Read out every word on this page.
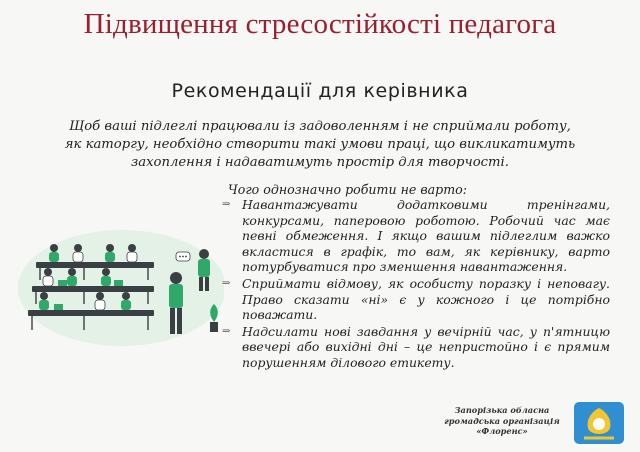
Підвищення стресостійкості педагога
Рекомендації для керівника
Щоб ваші підлеглі працювали із задоволенням і не сприймали роботу,
як каторгу, необхідно створити такі умови праці, що викликатимуть
захоплення і надаватимуть простір для творчості.
Чого однозначно робити не варто:
⇒ Навантажувати додатковими тренінгами, конкурсами, паперовою роботою. Робочий час має певні обмеження. І якщо вашим підлеглим важко вкластися в графік, то вам, як керівнику, варто потурбуватися про зменшення навантаження.
⇒ Сприймати відмову, як особисту поразку і неповагу. Право сказати «ні» є у кожного і це потрібно поважати.
⇒ Надсилати нові завдання у вечірній час, у п'ятницю ввечері або вихідні дні – це непристойно і є прямим порушенням ділового етикету.
Запорізька обласна
громадська організація
«Флоренс»
